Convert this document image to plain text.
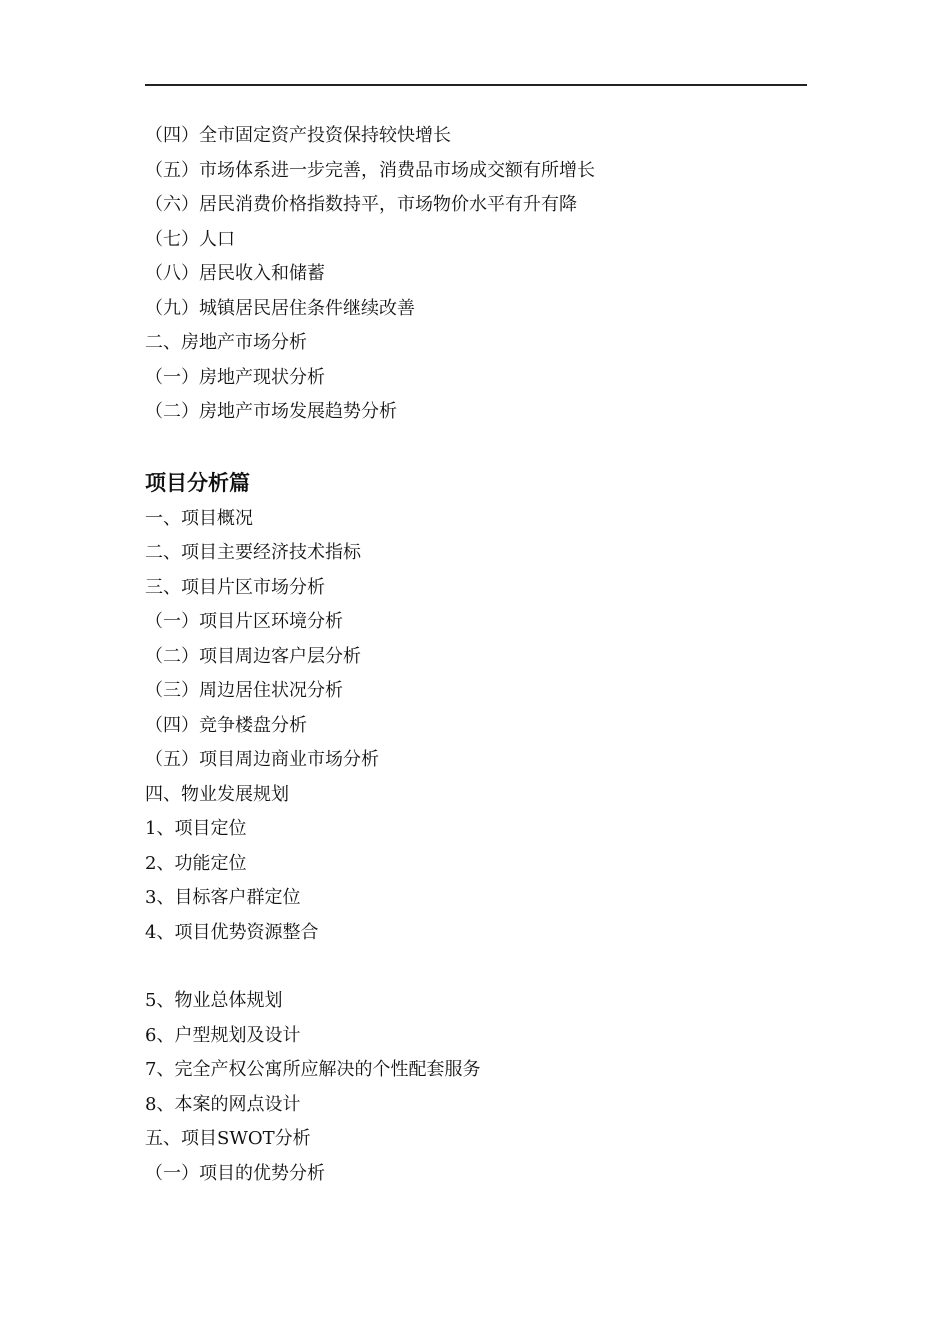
（四）全市固定资产投资保持较快增长
（五）市场体系进一步完善，消费品市场成交额有所增长
（六）居民消费价格指数持平，市场物价水平有升有降
（七）人口
（八）居民收入和储蓄
（九）城镇居民居住条件继续改善
二、房地产市场分析
（一）房地产现状分析
（二）房地产市场发展趋势分析
项目分析篇
一、项目概况
二、项目主要经济技术指标
三、项目片区市场分析
（一）项目片区环境分析
（二）项目周边客户层分析
（三）周边居住状况分析
（四）竞争楼盘分析
（五）项目周边商业市场分析
四、物业发展规划
1、项目定位
2、功能定位
3、目标客户群定位
4、项目优势资源整合
5、物业总体规划
6、户型规划及设计
7、完全产权公寓所应解决的个性配套服务
8、本案的网点设计
五、项目SWOT分析
（一）项目的优势分析
